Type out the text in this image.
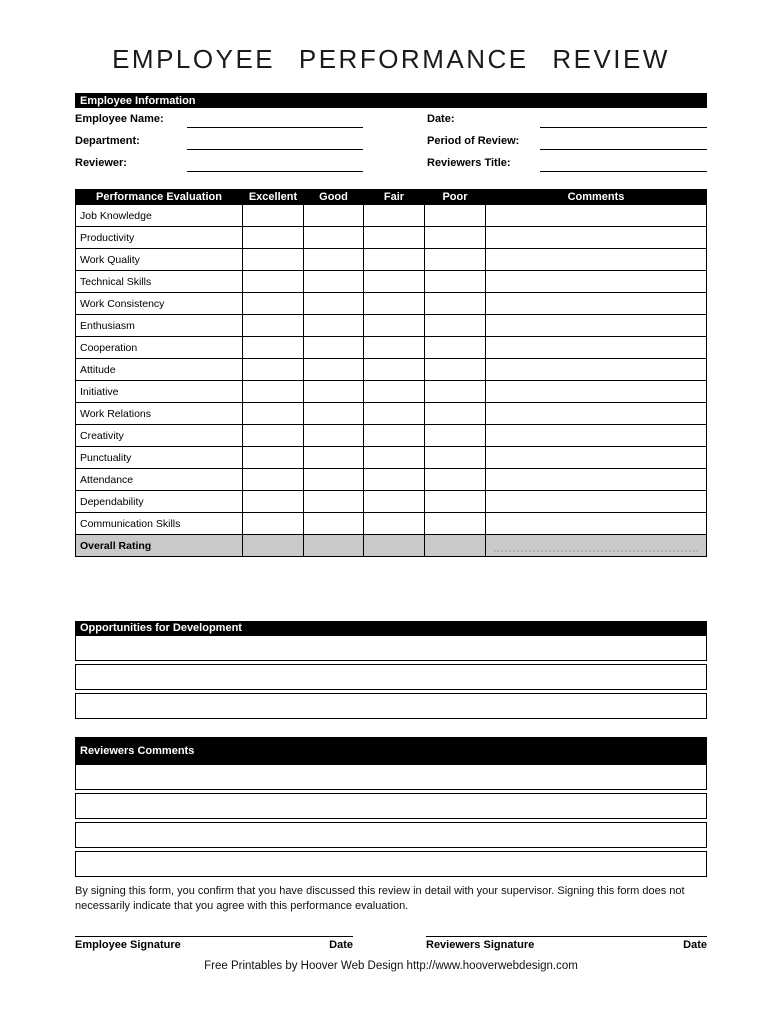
EMPLOYEE PERFORMANCE REVIEW
Employee Information
Employee Name:	Date:
Department:	Period of Review:
Reviewer:	Reviewers Title:
Performance Evaluation	Excellent	Good	Fair	Poor	Comments
Job Knowledge					
Productivity					
Work Quality					
Technical Skills					
Work Consistency					
Enthusiasm					
Cooperation					
Attitude					
Initiative					
Work Relations					
Creativity					
Punctuality					
Attendance					
Dependability					
Communication Skills					
Overall Rating					
Opportunities for Development
Reviewers Comments
By signing this form, you confirm that you have discussed this review in detail with your supervisor. Signing this form does not necessarily indicate that you agree with this performance evaluation.
Employee Signature	Date	Reviewers Signature	Date
Free Printables by Hoover Web Design http://www.hooverwebdesign.com
